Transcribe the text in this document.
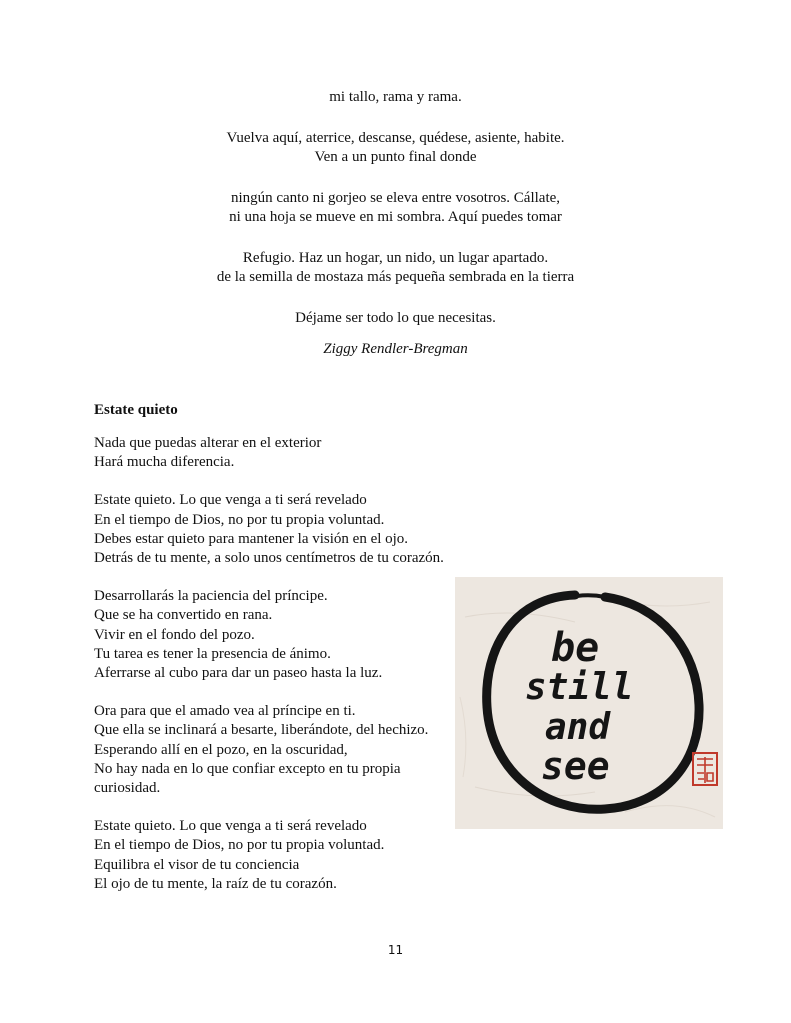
mi tallo, rama y rama.
Vuelva aquí, aterrice, descanse, quédese, asiente, habite.
Ven a un punto final donde
ningún canto ni gorjeo se eleva entre vosotros. Cállate,
ni una hoja se mueve en mi sombra. Aquí puedes tomar
Refugio. Haz un hogar, un nido, un lugar apartado.
de la semilla de mostaza más pequeña sembrada en la tierra
Déjame ser todo lo que necesitas.
Ziggy Rendler-Bregman
Estate quieto
Nada que puedas alterar en el exterior
Hará mucha diferencia.
Estate quieto. Lo que venga a ti será revelado
En el tiempo de Dios, no por tu propia voluntad.
Debes estar quieto para mantener la visión en el ojo.
Detrás de tu mente, a solo unos centímetros de tu corazón.
Desarrollarás la paciencia del príncipe.
Que se ha convertido en rana.
Vivir en el fondo del pozo.
Tu tarea es tener la presencia de ánimo.
Aferrarse al cubo para dar un paseo hasta la luz.
Ora para que el amado vea al príncipe en ti.
Que ella se inclinará a besarte, liberándote, del hechizo.
Esperando allí en el pozo, en la oscuridad,
No hay nada en lo que confiar excepto en tu propia
curiosidad.
Estate quieto. Lo que venga a ti será revelado
En el tiempo de Dios, no por tu propia voluntad.
Equilibra el visor de tu conciencia
El ojo de tu mente, la raíz de tu corazón.
be
still
and
see
11
